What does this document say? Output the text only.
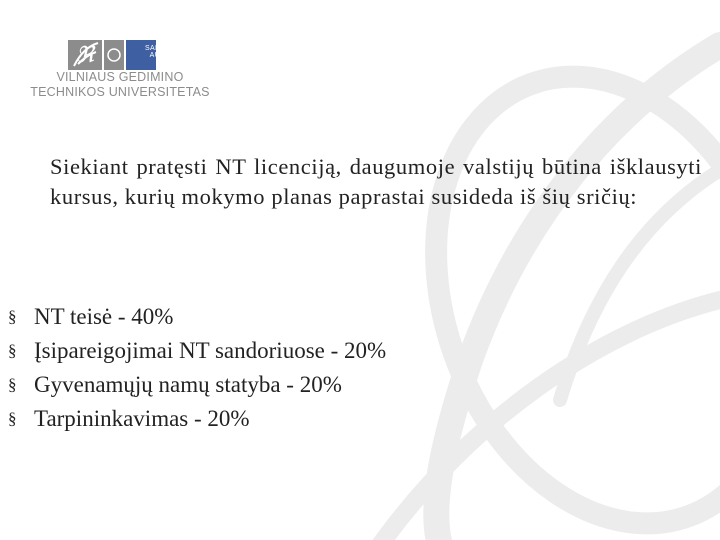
ℜ	SAPERE
AUDE
VILNIAUS GEDIMINO
TECHNIKOS UNIVERSITETAS

Siekiant pratęsti NT licenciją, daugumoje valstijų būtina išklausyti kursus, kurių mokymo planas paprastai susideda iš šių sričių:

§ NT teisė - 40%
§ Įsipareigojimai NT sandoriuose - 20%
§ Gyvenamųjų namų statyba - 20%
§ Tarpininkavimas - 20%
